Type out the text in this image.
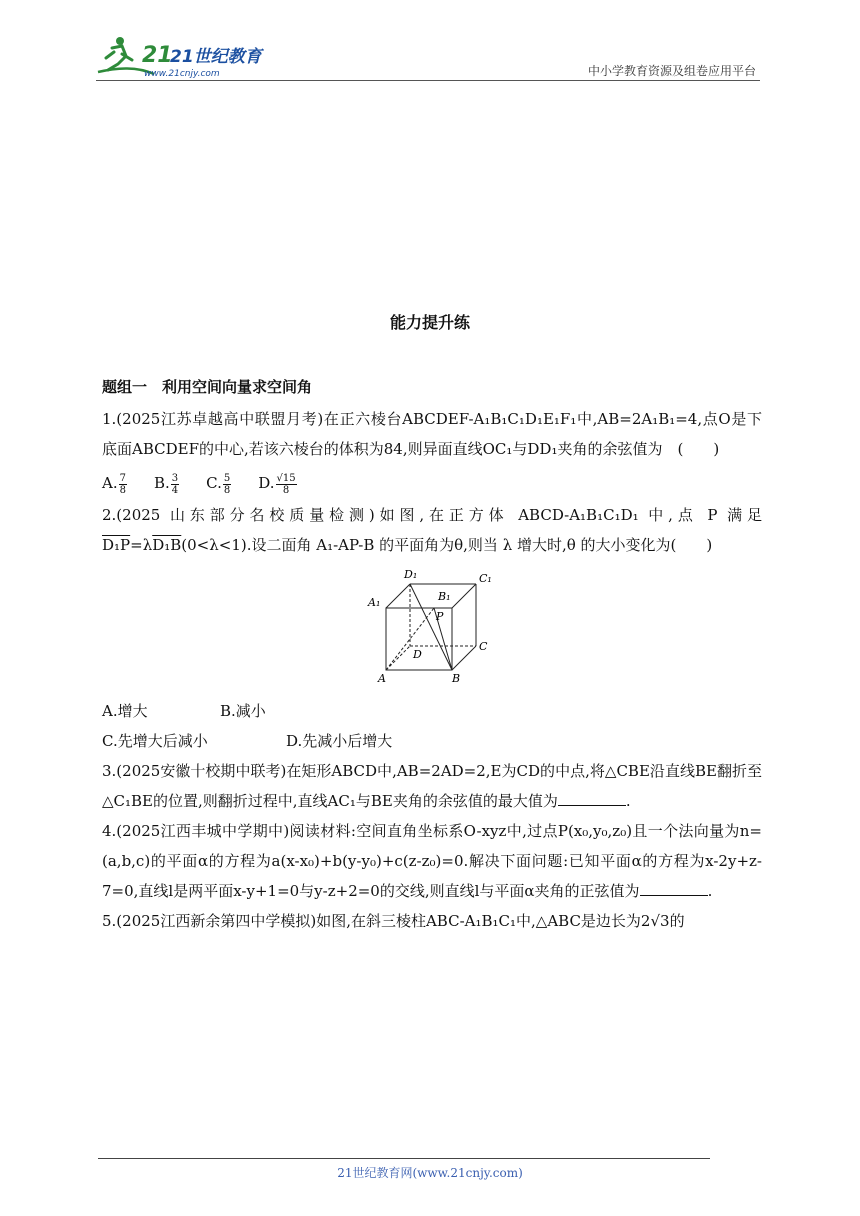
21
21世纪教育
www.21cnjy.com	中小学教育资源及组卷应用平台
能力提升练
题组一　利用空间向量求空间角
1.(2025江苏卓越高中联盟月考)在正六棱台ABCDEF-A₁B₁C₁D₁E₁F₁中,AB=2A₁B₁=4,点O是下底面ABCDEF的中心,若该六棱台的体积为84,则异面直线OC₁与DD₁夹角的余弦值为　(　　)
A. $\frac{7}{8} B$. $\frac{3}{4} C$. $\frac{5}{8} D$. $\frac{√15}{8}$
2.(2025 山东部分名校质量检测)如图,在正方体 ABCD-A₁B₁C₁D₁ 中,点 P 满足 D₁P=λD₁B(0<λ<1).设二面角 A₁-AP-B 的平面角为θ,则当 λ 增大时,θ 的大小变化为(　　)
A	B
C
D
A₁	B₁
C₁
D₁
P
A.增大	B.减小
C.先增大后减小	D.先减小后增大
3.(2025安徽十校期中联考)在矩形ABCD中,AB=2AD=2,E为CD的中点,将△CBE沿直线BE翻折至△C₁BE的位置,则翻折过程中,直线AC₁与BE夹角的余弦值的最大值为	.
4.(2025江西丰城中学期中)阅读材料:空间直角坐标系O-xyz中,过点P(x₀,y₀,z₀)且一个法向量为n=(a,b,c)的平面α的方程为a(x-x₀)+b(y-y₀)+c(z-z₀)=0.解决下面问题:已知平面α的方程为x-2y+z-7=0,直线l是两平面x-y+1=0与y-z+2=0的交线,则直线l与平面α夹角的正弦值为	.
5.(2025江西新余第四中学模拟)如图,在斜三棱柱ABC-A₁B₁C₁中,△ABC是边长为2√3的
21世纪教育网(www.21cnjy.com)
